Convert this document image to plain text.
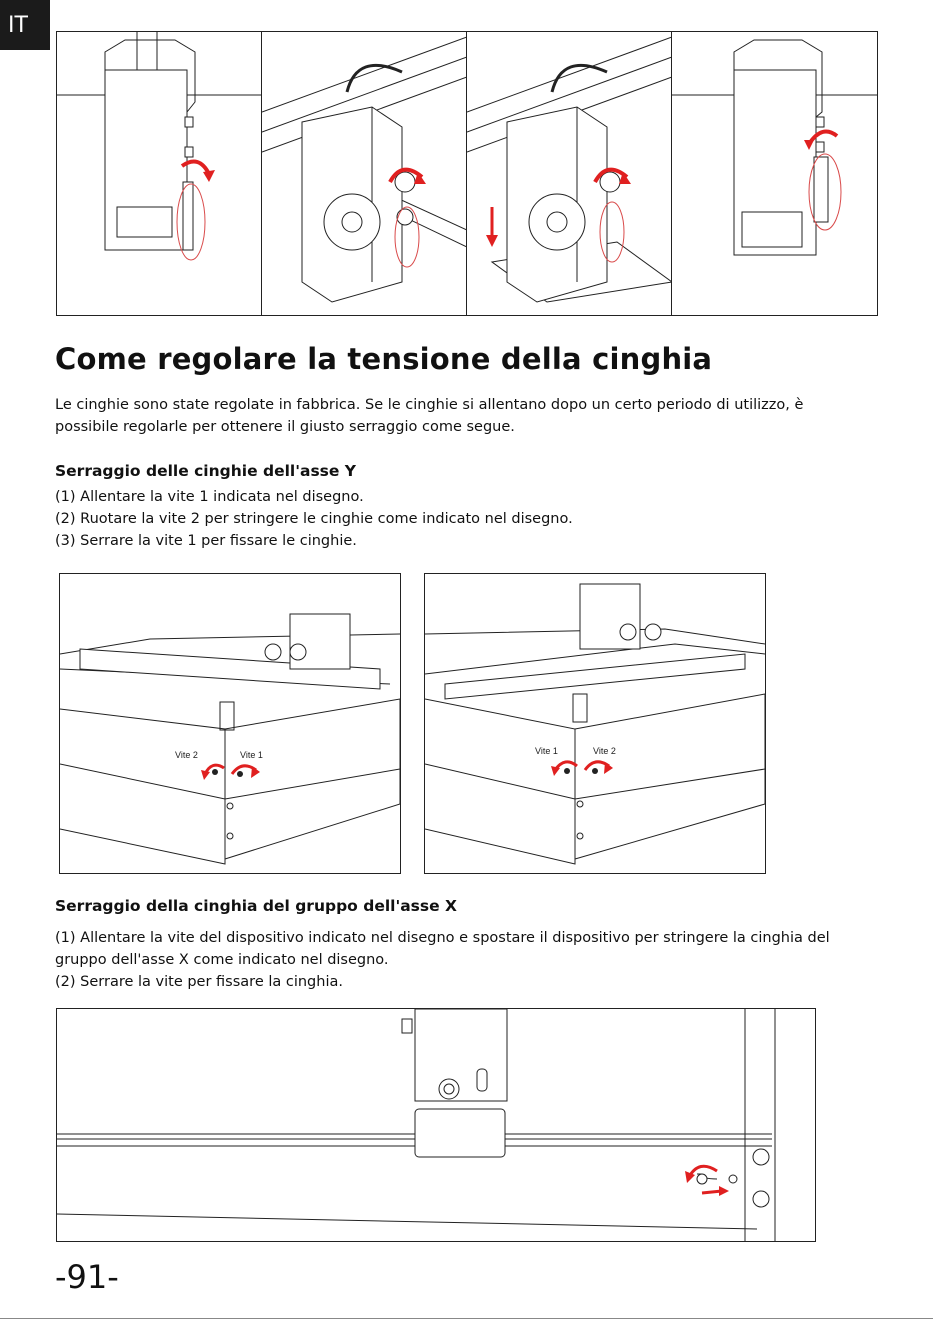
IT
Come regolare la tensione della cinghia

Le cinghie sono state regolate in fabbrica. Se le cinghie si allentano dopo un certo periodo di utilizzo, è possibile regolarle per ottenere il giusto serraggio come segue.

Serraggio delle cinghie dell'asse Y
(1) Allentare la vite 1 indicata nel disegno.
(2) Ruotare la vite 2 per stringere le cinghie come indicato nel disegno.
(3) Serrare la vite 1 per fissare le cinghie.
Vite 2	Vite 1	Vite 1	Vite 2
Serraggio della cinghia del gruppo dell'asse X
(1) Allentare la vite del dispositivo indicato nel disegno e spostare il dispositivo per stringere la cinghia del gruppo dell'asse X come indicato nel disegno.
(2) Serrare la vite per fissare la cinghia.
-91-
